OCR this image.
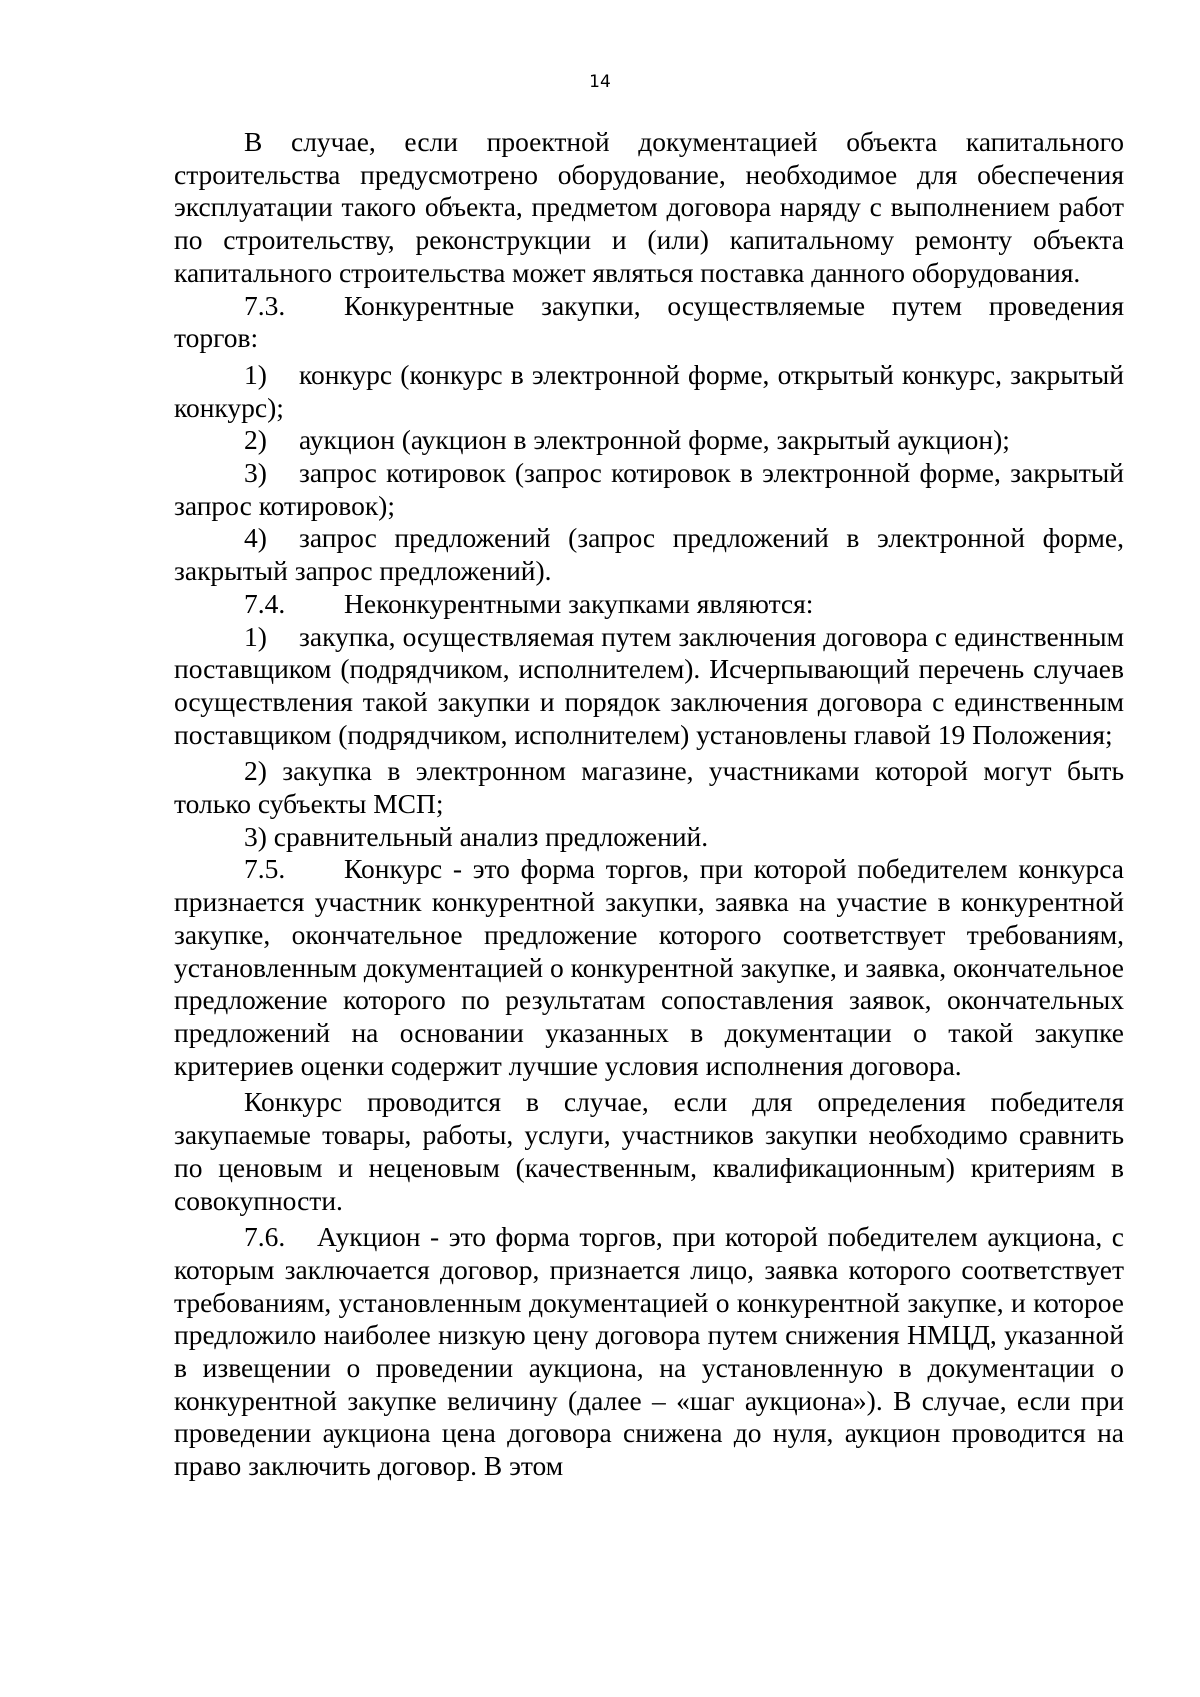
14

В случае, если проектной документацией объекта капитального строительства предусмотрено оборудование, необходимое для обеспечения эксплуатации такого объекта, предметом договора наряду с выполнением работ по строительству, реконструкции и (или) капитальному ремонту объекта капитального строительства может являться поставка данного оборудования.

7.3. Конкурентные закупки, осуществляемые путем проведения торгов:

1) конкурс (конкурс в электронной форме, открытый конкурс, закрытый конкурс);

2) аукцион (аукцион в электронной форме, закрытый аукцион);

3) запрос котировок (запрос котировок в электронной форме, закрытый запрос котировок);

4) запрос предложений (запрос предложений в электронной форме, закрытый запрос предложений).

7.4. Неконкурентными закупками являются:

1) закупка, осуществляемая путем заключения договора с единственным поставщиком (подрядчиком, исполнителем). Исчерпывающий перечень случаев осуществления такой закупки и порядок заключения договора с единственным поставщиком (подрядчиком, исполнителем) установлены главой 19 Положения;

2) закупка в электронном магазине, участниками которой могут быть только субъекты МСП;

3) сравнительный анализ предложений.

7.5. Конкурс - это форма торгов, при которой победителем конкурса признается участник конкурентной закупки, заявка на участие в конкурентной закупке, окончательное предложение которого соответствует требованиям, установленным документацией о конкурентной закупке, и заявка, окончательное предложение которого по результатам сопоставления заявок, окончательных предложений на основании указанных в документации о такой закупке критериев оценки содержит лучшие условия исполнения договора.

Конкурс проводится в случае, если для определения победителя закупаемые товары, работы, услуги, участников закупки необходимо сравнить по ценовым и неценовым (качественным, квалификационным) критериям в совокупности.

7.6. Аукцион - это форма торгов, при которой победителем аукциона, с которым заключается договор, признается лицо, заявка которого соответствует требованиям, установленным документацией о конкурентной закупке, и которое предложило наиболее низкую цену договора путем снижения НМЦД, указанной в извещении о проведении аукциона, на установленную в документации о конкурентной закупке величину (далее – «шаг аукциона»). В случае, если при проведении аукциона цена договора снижена до нуля, аукцион проводится на право заключить договор. В этом
